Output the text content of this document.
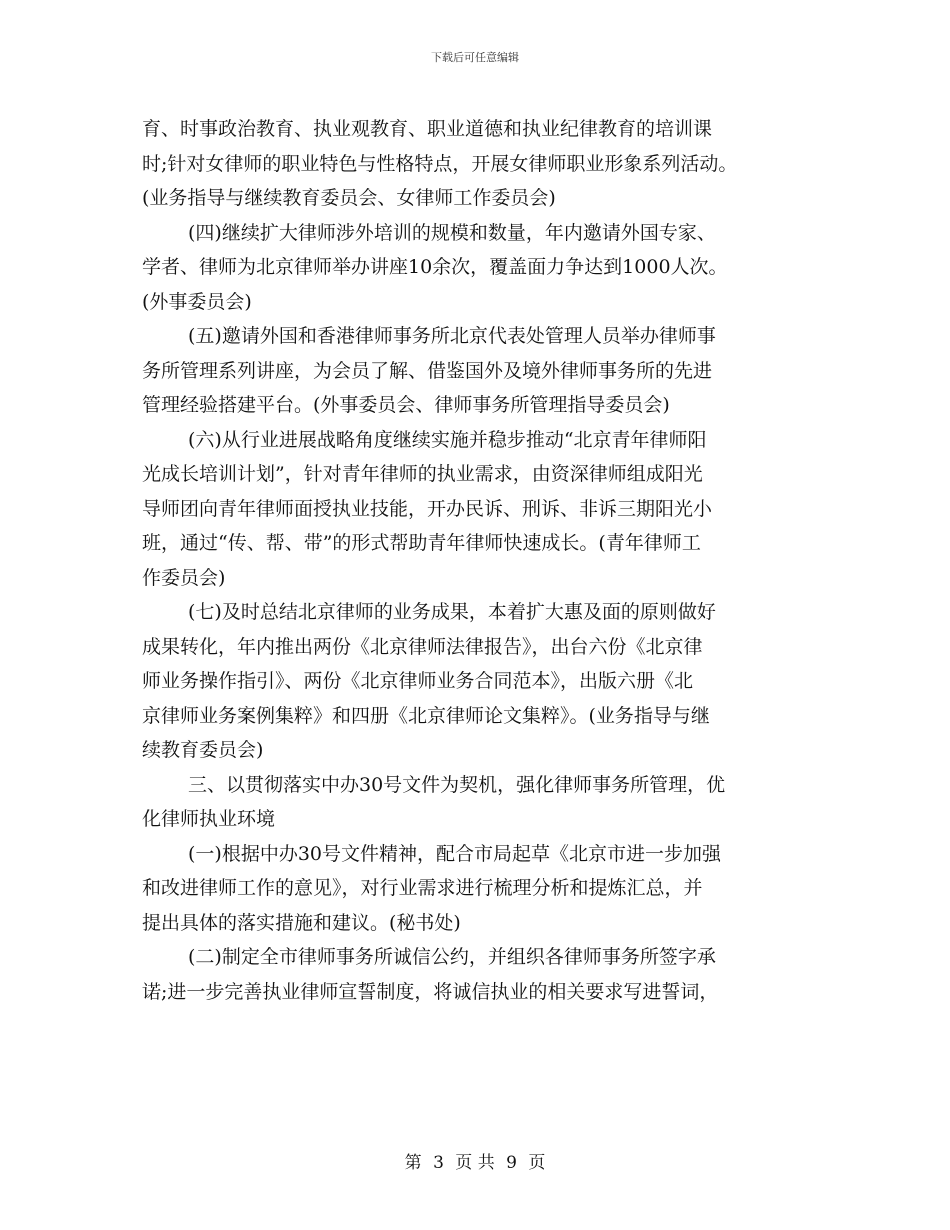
下载后可任意编辑
育、时事政治教育、执业观教育、职业道德和执业纪律教育的培训课
时;针对女律师的职业特色与性格特点，开展女律师职业形象系列活动。
(业务指导与继续教育委员会、女律师工作委员会)
(四)继续扩大律师涉外培训的规模和数量，年内邀请外国专家、
学者、律师为北京律师举办讲座10余次，覆盖面力争达到1000人次。
(外事委员会)
(五)邀请外国和香港律师事务所北京代表处管理人员举办律师事
务所管理系列讲座，为会员了解、借鉴国外及境外律师事务所的先进
管理经验搭建平台。(外事委员会、律师事务所管理指导委员会)
(六)从行业进展战略角度继续实施并稳步推动“北京青年律师阳
光成长培训计划”，针对青年律师的执业需求，由资深律师组成阳光
导师团向青年律师面授执业技能，开办民诉、刑诉、非诉三期阳光小
班，通过“传、帮、带”的形式帮助青年律师快速成长。(青年律师工
作委员会)
(七)及时总结北京律师的业务成果，本着扩大惠及面的原则做好
成果转化，年内推出两份《北京律师法律报告》，出台六份《北京律
师业务操作指引》、两份《北京律师业务合同范本》，出版六册《北
京律师业务案例集粹》和四册《北京律师论文集粹》。(业务指导与继
续教育委员会)
三、以贯彻落实中办30号文件为契机，强化律师事务所管理，优
化律师执业环境
(一)根据中办30号文件精神，配合市局起草《北京市进一步加强
和改进律师工作的意见》，对行业需求进行梳理分析和提炼汇总，并
提出具体的落实措施和建议。(秘书处)
(二)制定全市律师事务所诚信公约，并组织各律师事务所签字承
诺;进一步完善执业律师宣誓制度，将诚信执业的相关要求写进誓词，
第 3 页 共 9 页
